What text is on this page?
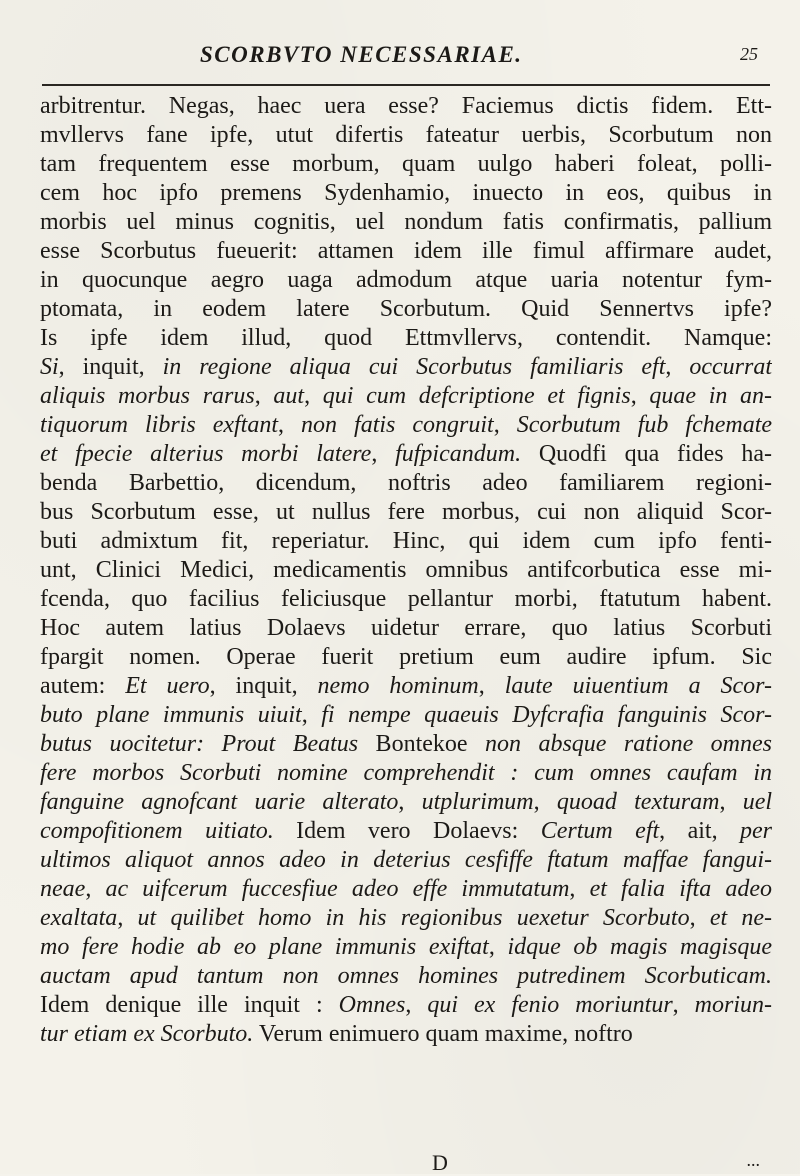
SCORBVTO NECESSARIAE.	25
arbitrentur. Negas, haec uera esse? Faciemus dictis fidem. Ett-
mvllervs fane ipfe, utut difertis fateatur uerbis, Scorbutum non
tam frequentem esse morbum, quam uulgo haberi foleat, polli-
cem hoc ipfo premens Sydenhamio, inuecto in eos, quibus in
morbis uel minus cognitis, uel nondum fatis confirmatis, pallium
esse Scorbutus fueuerit: attamen idem ille fimul affirmare audet,
in quocunque aegro uaga admodum atque uaria notentur fym-
ptomata, in eodem latere Scorbutum. Quid Sennertvs ipfe?
Is ipfe idem illud, quod Ettmvllervs, contendit. Namque:
Si, inquit, in regione aliqua cui Scorbutus familiaris eft, occurrat
aliquis morbus rarus, aut, qui cum defcriptione et fignis, quae in an-
tiquorum libris exftant, non fatis congruit, Scorbutum fub fchemate
et fpecie alterius morbi latere, fufpicandum. Quodfi qua fides ha-
benda Barbettio, dicendum, noftris adeo familiarem regioni-
bus Scorbutum esse, ut nullus fere morbus, cui non aliquid Scor-
buti admixtum fit, reperiatur. Hinc, qui idem cum ipfo fenti-
unt, Clinici Medici, medicamentis omnibus antifcorbutica esse mi-
fcenda, quo facilius feliciusque pellantur morbi, ftatutum habent.
Hoc autem latius Dolaevs uidetur errare, quo latius Scorbuti
fpargit nomen. Operae fuerit pretium eum audire ipfum. Sic
autem: Et uero, inquit, nemo hominum, laute uiuentium a Scor-
buto plane immunis uiuit, fi nempe quaeuis Dyfcrafia fanguinis Scor-
butus uocitetur: Prout Beatus Bontekoe non absque ratione omnes
fere morbos Scorbuti nomine comprehendit : cum omnes caufam in
fanguine agnofcant uarie alterato, utplurimum, quoad texturam, uel
compofitionem uitiato. Idem vero Dolaevs: Certum eft, ait, per
ultimos aliquot annos adeo in deterius cesfiffe ftatum maffae fangui-
neae, ac uifcerum fuccesfiue adeo effe immutatum, et falia ifta adeo
exaltata, ut quilibet homo in his regionibus uexetur Scorbuto, et ne-
mo fere hodie ab eo plane immunis exiftat, idque ob magis magisque
auctam apud tantum non omnes homines putredinem Scorbuticam.
Idem denique ille inquit : Omnes, qui ex fenio moriuntur, moriun-
tur etiam ex Scorbuto. Verum enimuero quam maxime, noftro
D	...
